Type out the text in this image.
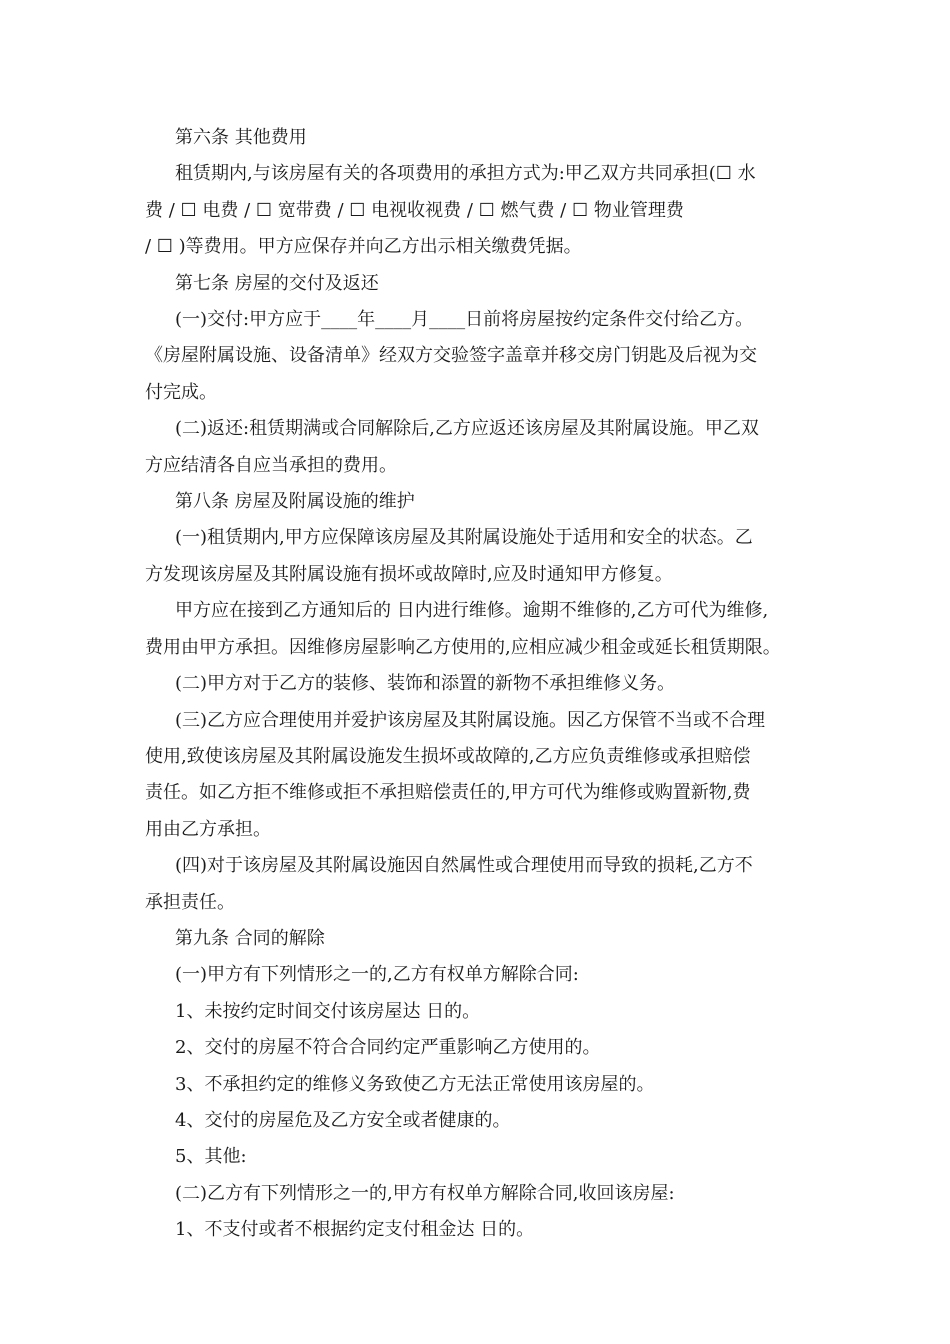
第六条 其他费用
租赁期内,与该房屋有关的各项费用的承担方式为:甲乙双方共同承担(☐ 水
费 / ☐ 电费 / ☐ 宽带费 / ☐ 电视收视费 / ☐ 燃气费 / ☐ 物业管理费
/ ☐ )等费用。甲方应保存并向乙方出示相关缴费凭据。
第七条 房屋的交付及返还
(一)交付:甲方应于____年____月____日前将房屋按约定条件交付给乙方。
《房屋附属设施、设备清单》经双方交验签字盖章并移交房门钥匙及后视为交
付完成。
(二)返还:租赁期满或合同解除后,乙方应返还该房屋及其附属设施。甲乙双
方应结清各自应当承担的费用。
第八条 房屋及附属设施的维护
(一)租赁期内,甲方应保障该房屋及其附属设施处于适用和安全的状态。乙
方发现该房屋及其附属设施有损坏或故障时,应及时通知甲方修复。
甲方应在接到乙方通知后的 日内进行维修。逾期不维修的,乙方可代为维修,
费用由甲方承担。因维修房屋影响乙方使用的,应相应减少租金或延长租赁期限。
(二)甲方对于乙方的装修、装饰和添置的新物不承担维修义务。
(三)乙方应合理使用并爱护该房屋及其附属设施。因乙方保管不当或不合理
使用,致使该房屋及其附属设施发生损坏或故障的,乙方应负责维修或承担赔偿
责任。如乙方拒不维修或拒不承担赔偿责任的,甲方可代为维修或购置新物,费
用由乙方承担。
(四)对于该房屋及其附属设施因自然属性或合理使用而导致的损耗,乙方不
承担责任。
第九条 合同的解除
(一)甲方有下列情形之一的,乙方有权单方解除合同:
1、未按约定时间交付该房屋达 日的。
2、交付的房屋不符合合同约定严重影响乙方使用的。
3、不承担约定的维修义务致使乙方无法正常使用该房屋的。
4、交付的房屋危及乙方安全或者健康的。
5、其他:
(二)乙方有下列情形之一的,甲方有权单方解除合同,收回该房屋:
1、不支付或者不根据约定支付租金达 日的。
